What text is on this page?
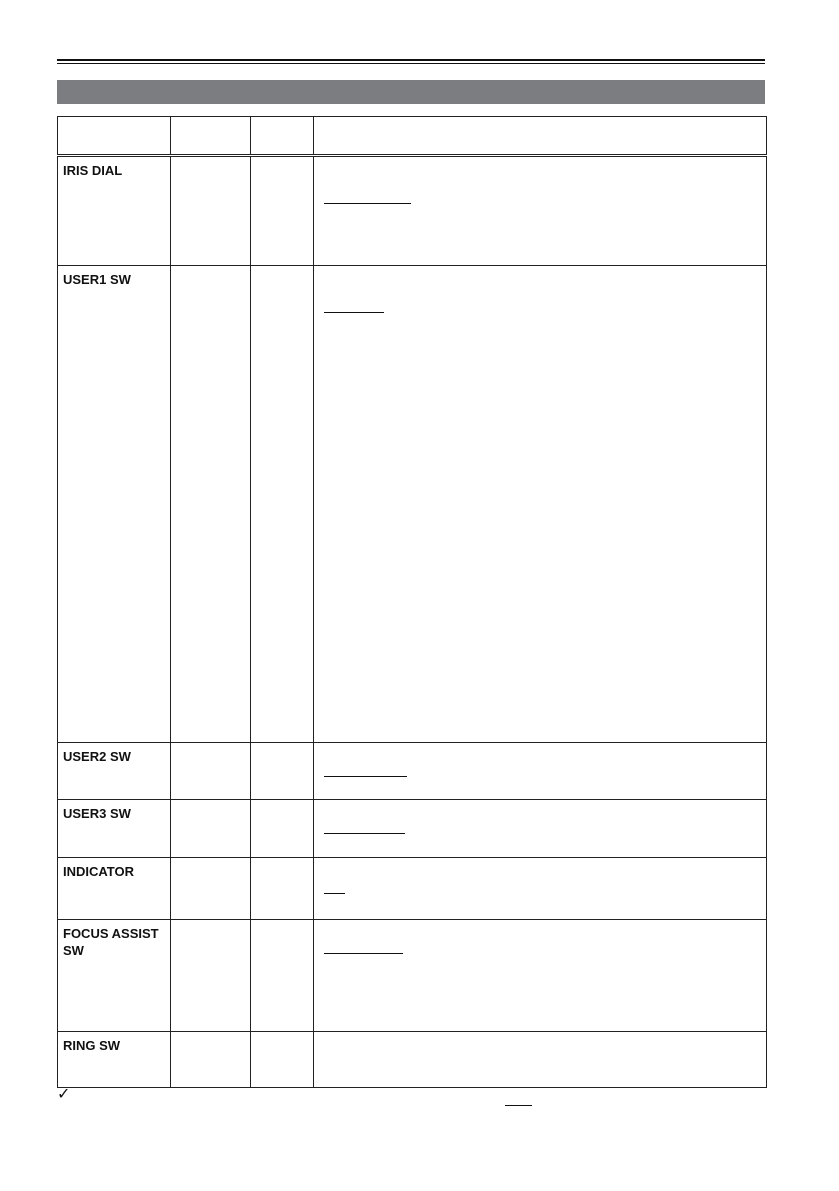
IRIS DIAL			

USER1 SW			

USER2 SW			

USER3 SW			

INDICATOR			

FOCUS ASSIST SW			

RING SW			
✓
